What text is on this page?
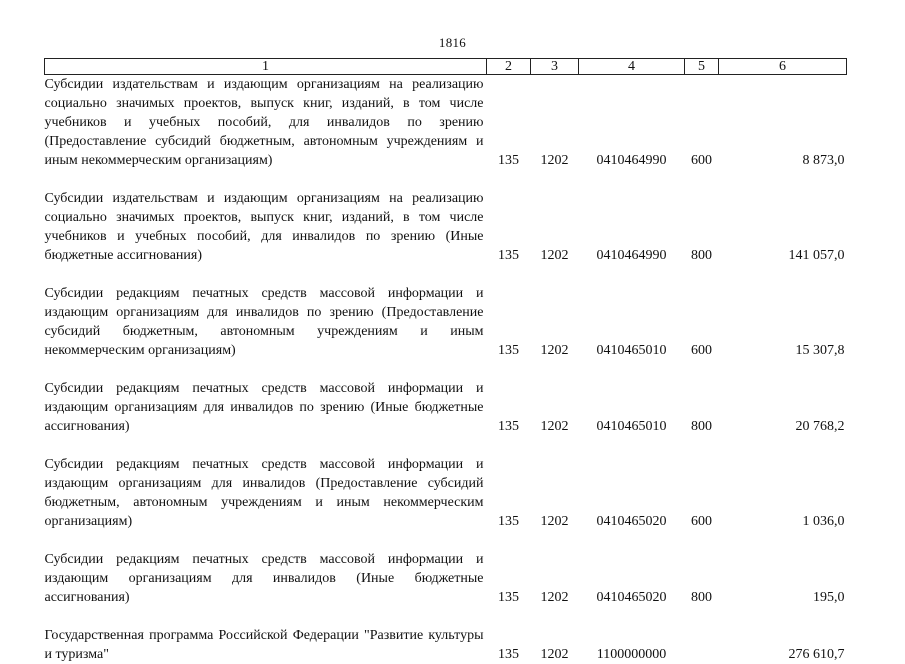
1816
1	2	3	4	5	6
Субсидии издательствам и издающим организациям на реализацию социально значимых проектов, выпуск книг, изданий, в том числе учебников и учебных пособий, для инвалидов по зрению (Предоставление субсидий бюджетным, автономным учреждениям и иным некоммерческим организациям)	135	1202	0410464990	600	8 873,0

Субсидии издательствам и издающим организациям на реализацию социально значимых проектов, выпуск книг, изданий, в том числе учебников и учебных пособий, для инвалидов по зрению (Иные бюджетные ассигнования)	135	1202	0410464990	800	141 057,0

Субсидии редакциям печатных средств массовой информации и издающим организациям для инвалидов по зрению (Предоставление субсидий бюджетным, автономным учреждениям и иным некоммерческим организациям)	135	1202	0410465010	600	15 307,8

Субсидии редакциям печатных средств массовой информации и издающим организациям для инвалидов по зрению (Иные бюджетные ассигнования)	135	1202	0410465010	800	20 768,2

Субсидии редакциям печатных средств массовой информации и издающим организациям для инвалидов (Предоставление субсидий бюджетным, автономным учреждениям и иным некоммерческим организациям)	135	1202	0410465020	600	1 036,0

Субсидии редакциям печатных средств массовой информации и издающим организациям для инвалидов (Иные бюджетные ассигнования)	135	1202	0410465020	800	195,0

Государственная программа Российской Федерации "Развитие культуры и туризма"	135	1202	1100000000		276 610,7
